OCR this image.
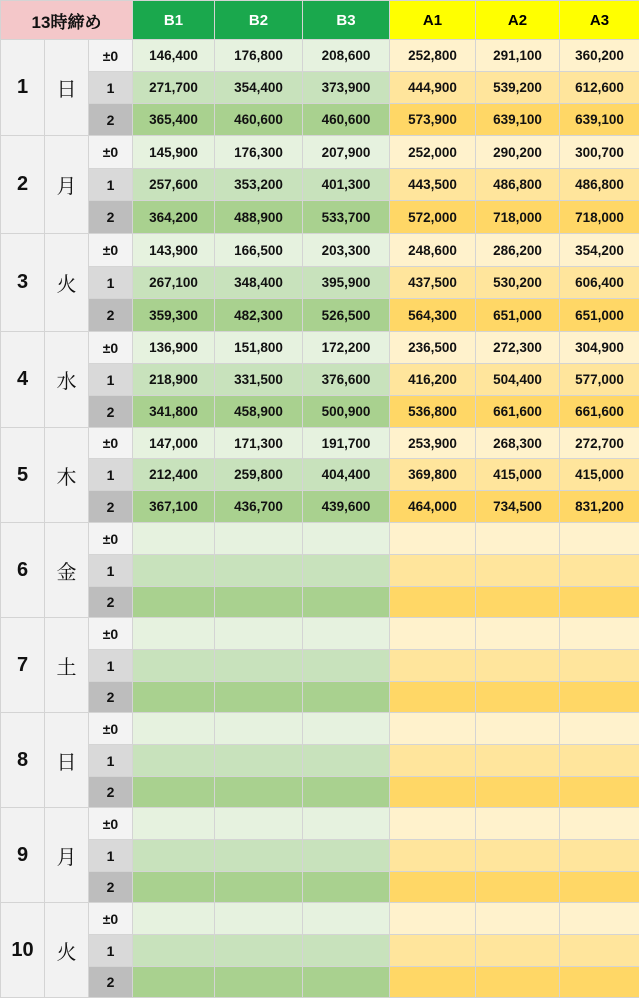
13時締め			B1	B2	B3	A1	A2	A3
1	日	±0	146,400	176,800	208,600	252,800	291,100	360,200
		1	271,700	354,400	373,900	444,900	539,200	612,600
		2	365,400	460,600	460,600	573,900	639,100	639,100
2	月	±0	145,900	176,300	207,900	252,000	290,200	300,700
		1	257,600	353,200	401,300	443,500	486,800	486,800
		2	364,200	488,900	533,700	572,000	718,000	718,000
3	火	±0	143,900	166,500	203,300	248,600	286,200	354,200
		1	267,100	348,400	395,900	437,500	530,200	606,400
		2	359,300	482,300	526,500	564,300	651,000	651,000
4	水	±0	136,900	151,800	172,200	236,500	272,300	304,900
		1	218,900	331,500	376,600	416,200	504,400	577,000
		2	341,800	458,900	500,900	536,800	661,600	661,600
5	木	±0	147,000	171,300	191,700	253,900	268,300	272,700
		1	212,400	259,800	404,400	369,800	415,000	415,000
		2	367,100	436,700	439,600	464,000	734,500	831,200
6	金	±0						
		1						
		2						
7	土	±0						
		1						
		2						
8	日	±0						
		1						
		2						
9	月	±0						
		1						
		2						
10	火	±0						
		1						
		2						
